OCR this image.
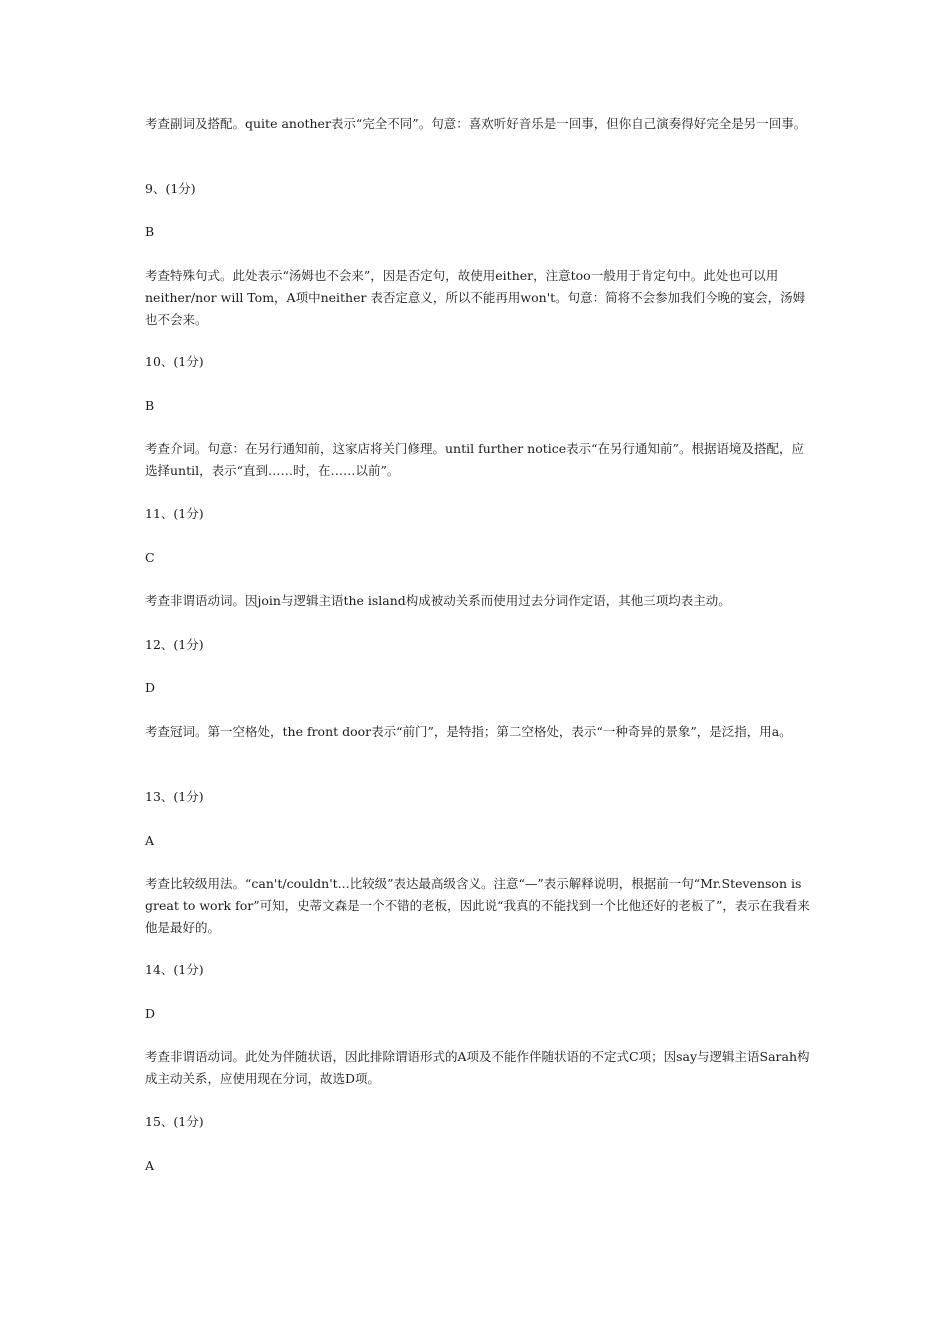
考查副词及搭配。quite another表示“完全不同”。句意：喜欢听好音乐是一回事，但你自己演奏得好完全是另一回事。

9、(1分)

B

考查特殊句式。此处表示“汤姆也不会来”，因是否定句，故使用either，注意too一般用于肯定句中。此处也可以用neither/nor will Tom，A项中neither 表否定意义，所以不能再用won't。句意：简将不会参加我们今晚的宴会，汤姆也不会来。

10、(1分)

B

考查介词。句意：在另行通知前，这家店将关门修理。until further notice表示“在另行通知前”。根据语境及搭配，应选择until，表示“直到……时，在……以前”。

11、(1分)

C

考查非谓语动词。因join与逻辑主语the island构成被动关系而使用过去分词作定语，其他三项均表主动。

12、(1分)

D

考查冠词。第一空格处，the front door表示“前门”，是特指；第二空格处，表示“一种奇异的景象”，是泛指，用a。

13、(1分)

A

考查比较级用法。“can't/couldn't...比较级”表达最高级含义。注意“—”表示解释说明，根据前一句“Mr.Stevenson is great to work for”可知，史蒂文森是一个不错的老板，因此说“我真的不能找到一个比他还好的老板了”，表示在我看来他是最好的。

14、(1分)

D

考查非谓语动词。此处为伴随状语，因此排除谓语形式的A项及不能作伴随状语的不定式C项；因say与逻辑主语Sarah构成主动关系，应使用现在分词，故选D项。

15、(1分)

A
